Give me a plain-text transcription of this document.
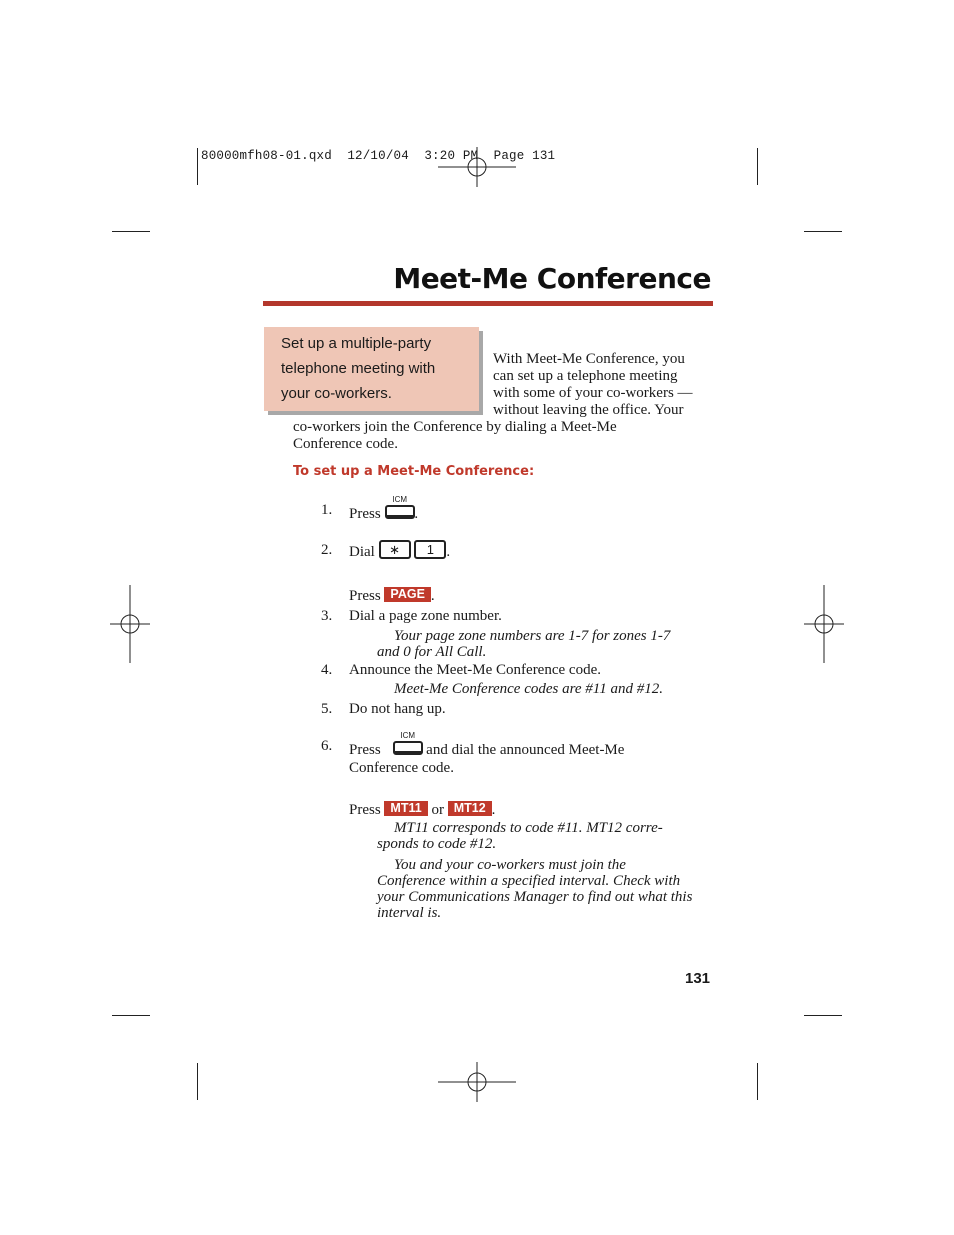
80000mfh08-01.qxd  12/10/04  3:20 PM  Page 131
Meet-Me Conference
Set up a multiple-party
telephone meeting with
your co-workers.
With Meet-Me Conference, you
can set up a telephone meeting
with some of your co-workers —
without leaving the office. Your
co-workers join the Conference by dialing a Meet-Me
Conference code.
To set up a Meet-Me Conference:
1. Press
ICM
.
2. Dial ∗ 1 .
Press PAGE .
3. Dial a page zone number.
Your page zone numbers are 1-7 for zones 1-7
and 0 for All Call.
4. Announce the Meet-Me Conference code.
Meet-Me Conference codes are #11 and #12.
5. Do not hang up.
6. Press
ICM
and dial the announced Meet-Me
Conference code.
Press MT11 or MT12 .
MT11 corresponds to code #11. MT12 corre-
sponds to code #12.
You and your co-workers must join the
Conference within a specified interval. Check with
your Communications Manager to find out what this
interval is.
131
